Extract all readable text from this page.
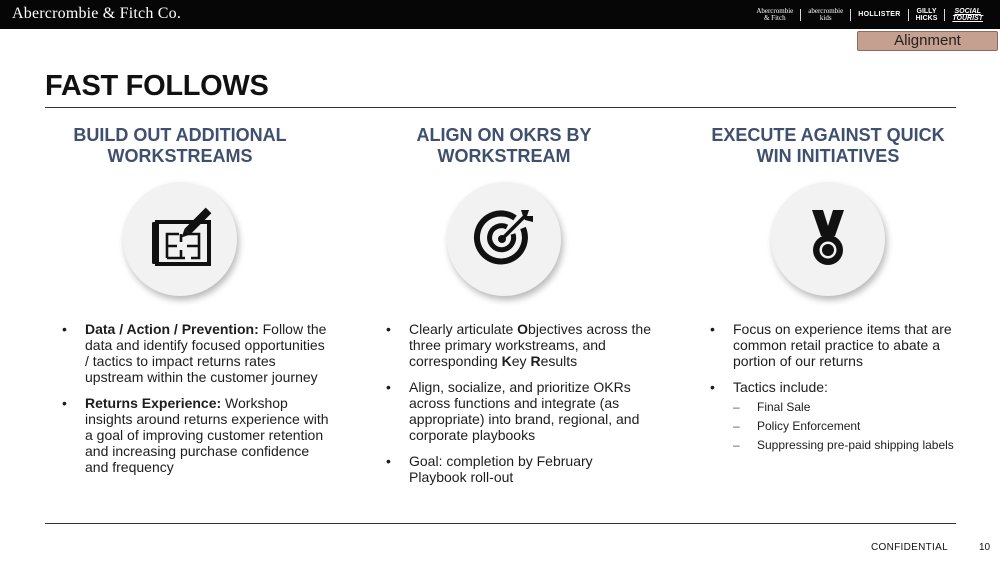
Abercrombie & Fitch Co.	Abercrombie
& Fitch
abercrombie
kids	HOLLISTER GILLY
HICKS
SOCIAL
TOURIST
Alignment
FAST FOLLOWS
BUILD OUT ADDITIONAL
WORKSTREAMS
• Data / Action / Prevention: Follow the data and identify focused opportunities / tactics to impact returns rates upstream within the customer journey
• Returns Experience: Workshop insights around returns experience with a goal of improving customer retention and increasing purchase confidence and frequency
ALIGN ON OKRS BY
WORKSTREAM
• Clearly articulate Objectives across the three primary workstreams, and corresponding Key Results
• Align, socialize, and prioritize OKRs across functions and integrate (as appropriate) into brand, regional, and corporate playbooks
• Goal: completion by February Playbook roll-out
EXECUTE AGAINST QUICK
WIN INITIATIVES
• Focus on experience items that are common retail practice to abate a portion of our returns
• Tactics include:
– Final Sale
– Policy Enforcement
– Suppressing pre-paid shipping labels
CONFIDENTIAL	10
